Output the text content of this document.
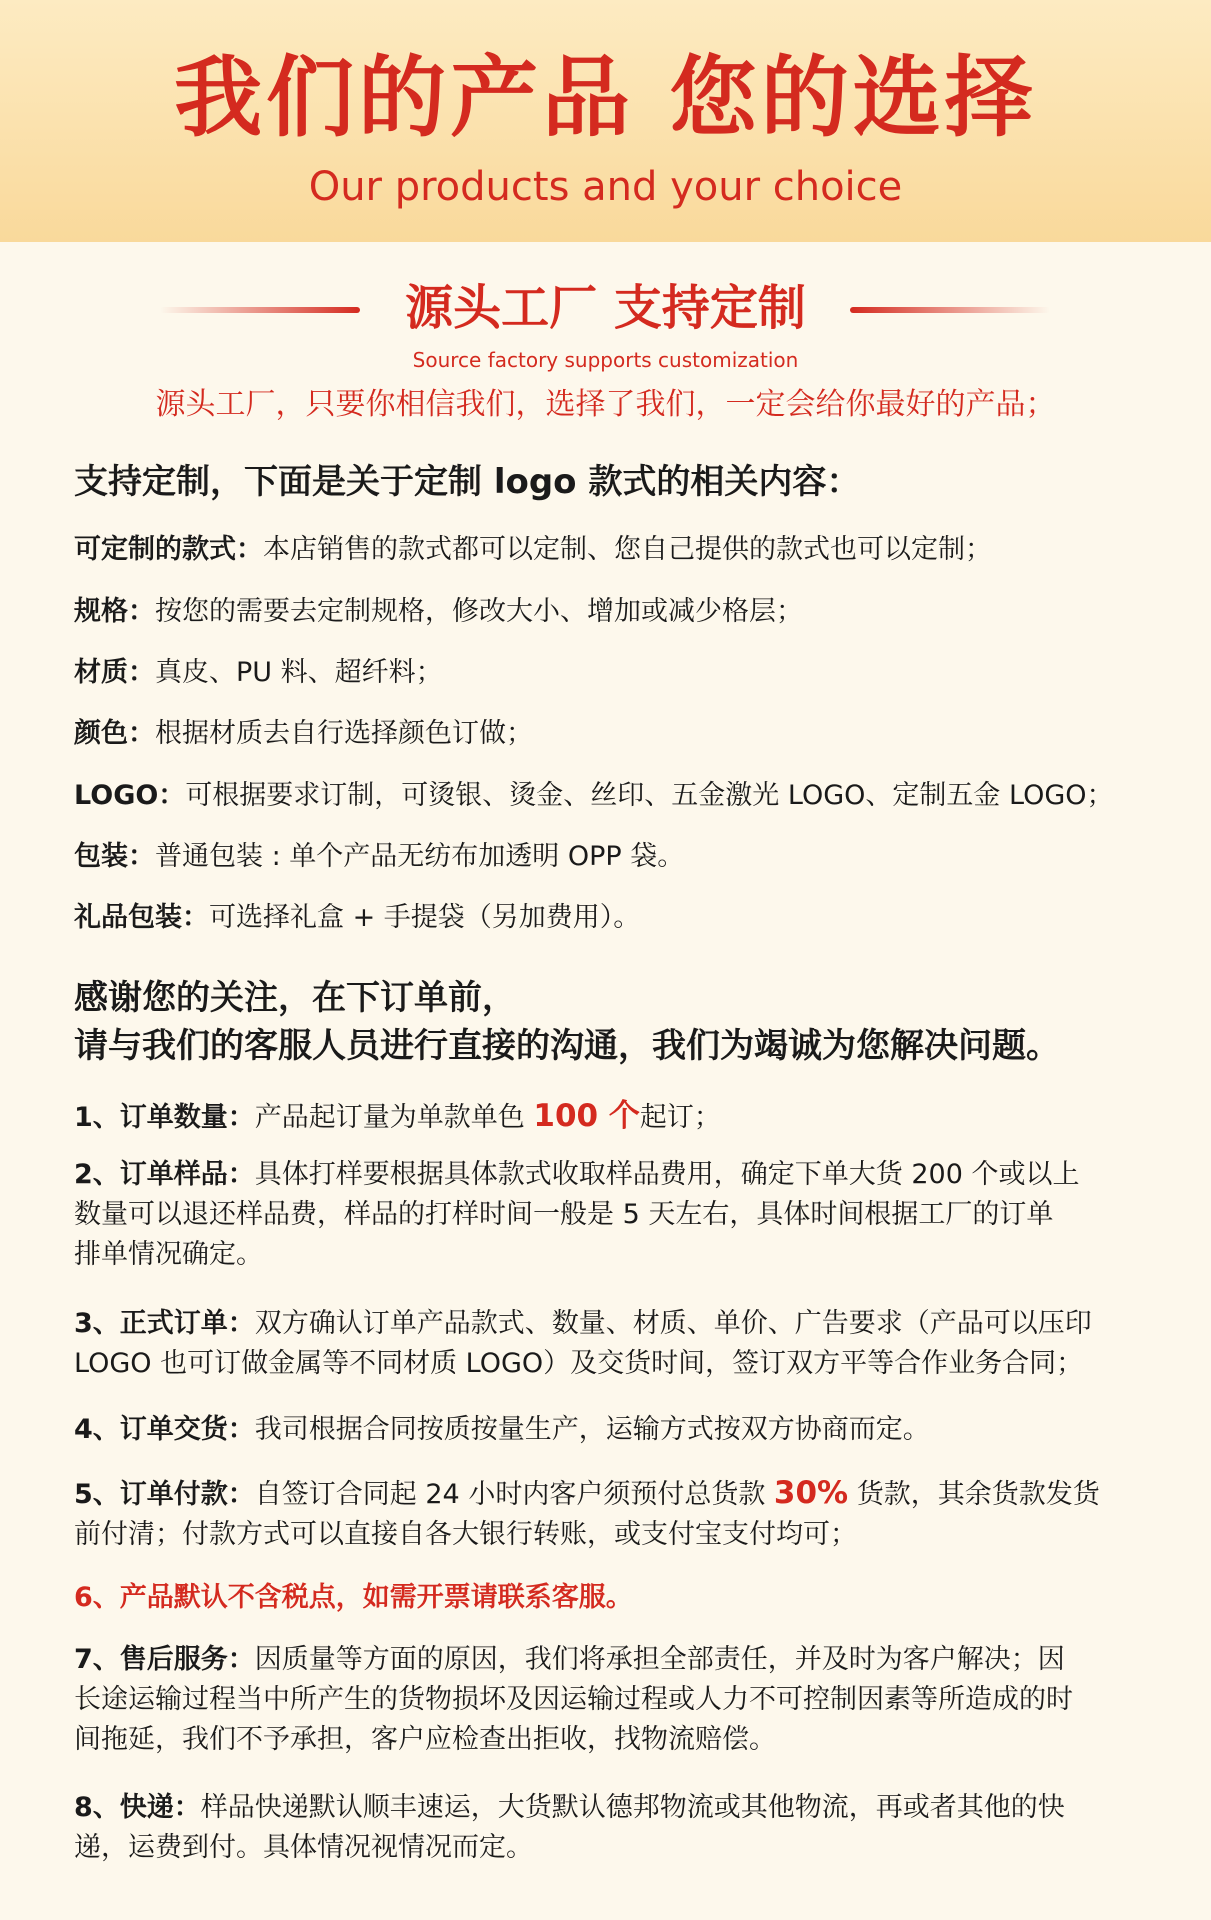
我们的产品 您的选择
Our products and your choice
源头工厂 支持定制
Source factory supports customization
源头工厂，只要你相信我们，选择了我们，一定会给你最好的产品；

支持定制，下面是关于定制 logo 款式的相关内容：

可定制的款式：本店销售的款式都可以定制、您自己提供的款式也可以定制；

规格：按您的需要去定制规格，修改大小、增加或减少格层；

材质：真皮、PU 料、超纤料；

颜色：根据材质去自行选择颜色订做；

LOGO：可根据要求订制，可烫银、烫金、丝印、五金激光 LOGO、定制五金 LOGO；

包装：普通包装 : 单个产品无纺布加透明 OPP 袋。

礼品包装：可选择礼盒 + 手提袋（另加费用）。

感谢您的关注，在下订单前，

请与我们的客服人员进行直接的沟通，我们为竭诚为您解决问题。

1、订单数量：产品起订量为单款单色 100 个起订；

2、订单样品：具体打样要根据具体款式收取样品费用，确定下单大货 200 个或以上

数量可以退还样品费，样品的打样时间一般是 5 天左右，具体时间根据工厂的订单

排单情况确定。

3、正式订单：双方确认订单产品款式、数量、材质、单价、广告要求（产品可以压印

LOGO 也可订做金属等不同材质 LOGO）及交货时间，签订双方平等合作业务合同；

4、订单交货：我司根据合同按质按量生产，运输方式按双方协商而定。

5、订单付款：自签订合同起 24 小时内客户须预付总货款 30% 货款，其余货款发货

前付清；付款方式可以直接自各大银行转账，或支付宝支付均可；

6、产品默认不含税点，如需开票请联系客服。

7、售后服务：因质量等方面的原因，我们将承担全部责任，并及时为客户解决；因

长途运输过程当中所产生的货物损坏及因运输过程或人力不可控制因素等所造成的时

间拖延，我们不予承担，客户应检查出拒收，找物流赔偿。

8、快递：样品快递默认顺丰速运，大货默认德邦物流或其他物流，再或者其他的快

递，运费到付。具体情况视情况而定。
